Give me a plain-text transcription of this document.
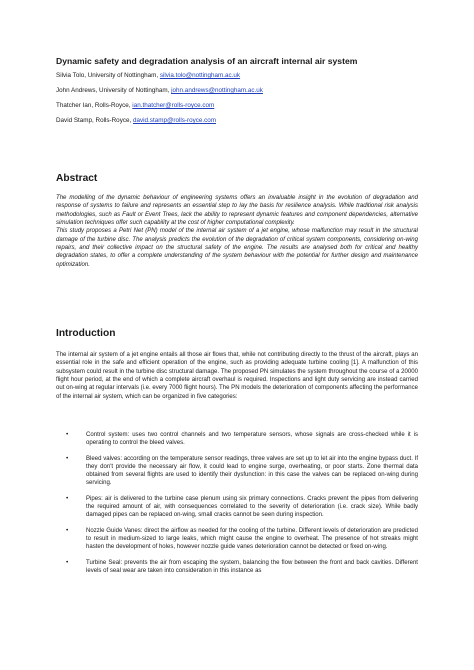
Dynamic safety and degradation analysis of an aircraft internal air system
Silvia Tolo, University of Nottingham, silvia.tolo@nottingham.ac.uk
John Andrews, University of Nottingham, john.andrews@nottingham.ac.uk
Thatcher Ian, Rolls-Royce, ian.thatcher@rolls-royce.com
David Stamp, Rolls-Royce, david.stamp@rolls-royce.com
Abstract

The modelling of the dynamic behaviour of engineering systems offers an invaluable insight in the evolution of degradation and response of systems to failure and represents an essential step to lay the basis for resilience analysis. While traditional risk analysis methodologies, such as Fault or Event Trees, lack the ability to represent dynamic features and component dependencies, alternative simulation techniques offer such capability at the cost of higher computational complexity.

This study proposes a Petri Net (PN) model of the internal air system of a jet engine, whose malfunction may result in the structural damage of the turbine disc. The analysis predicts the evolution of the degradation of critical system components, considering on-wing repairs, and their collective impact on the structural safety of the engine. The results are analysed both for critical and healthy degradation states, to offer a complete understanding of the system behaviour with the potential for further design and maintenance optimization.

Introduction

The internal air system of a jet engine entails all those air flows that, while not contributing directly to the thrust of the aircraft, plays an essential role in the safe and efficient operation of the engine, such as providing adequate turbine cooling [1]. A malfunction of this subsystem could result in the turbine disc structural damage. The proposed PN simulates the system throughout the course of a 20000 flight hour period, at the end of which a complete aircraft overhaul is required. Inspections and light duty servicing are instead carried out on-wing at regular intervals (i.e. every 7000 flight hours). The PN models the deterioration of components affecting the performance of the internal air system, which can be organized in five categories:

•	Control system: uses two control channels and two temperature sensors, whose signals are cross-checked while it is operating to control the bleed valves.
•	Bleed valves: according on the temperature sensor readings, three valves are set up to let air into the engine bypass duct. If they don't provide the necessary air flow, it could lead to engine surge, overheating, or poor starts. Zone thermal data obtained from several flights are used to identify their dysfunction: in this case the valves can be replaced on-wing during servicing.
•	Pipes: air is delivered to the turbine case plenum using six primary connections. Cracks prevent the pipes from delivering the required amount of air, with consequences correlated to the severity of deterioration (i.e. crack size). While badly damaged pipes can be replaced on-wing, small cracks cannot be seen during inspection.
•	Nozzle Guide Vanes: direct the airflow as needed for the cooling of the turbine. Different levels of deterioration are predicted to result in medium-sized to large leaks, which might cause the engine to overheat. The presence of hot streaks might hasten the development of holes, however nozzle guide vanes deterioration cannot be detected or fixed on-wing.
•	Turbine Seal: prevents the air from escaping the system, balancing the flow between the front and back cavities. Different levels of seal wear are taken into consideration in this instance as
